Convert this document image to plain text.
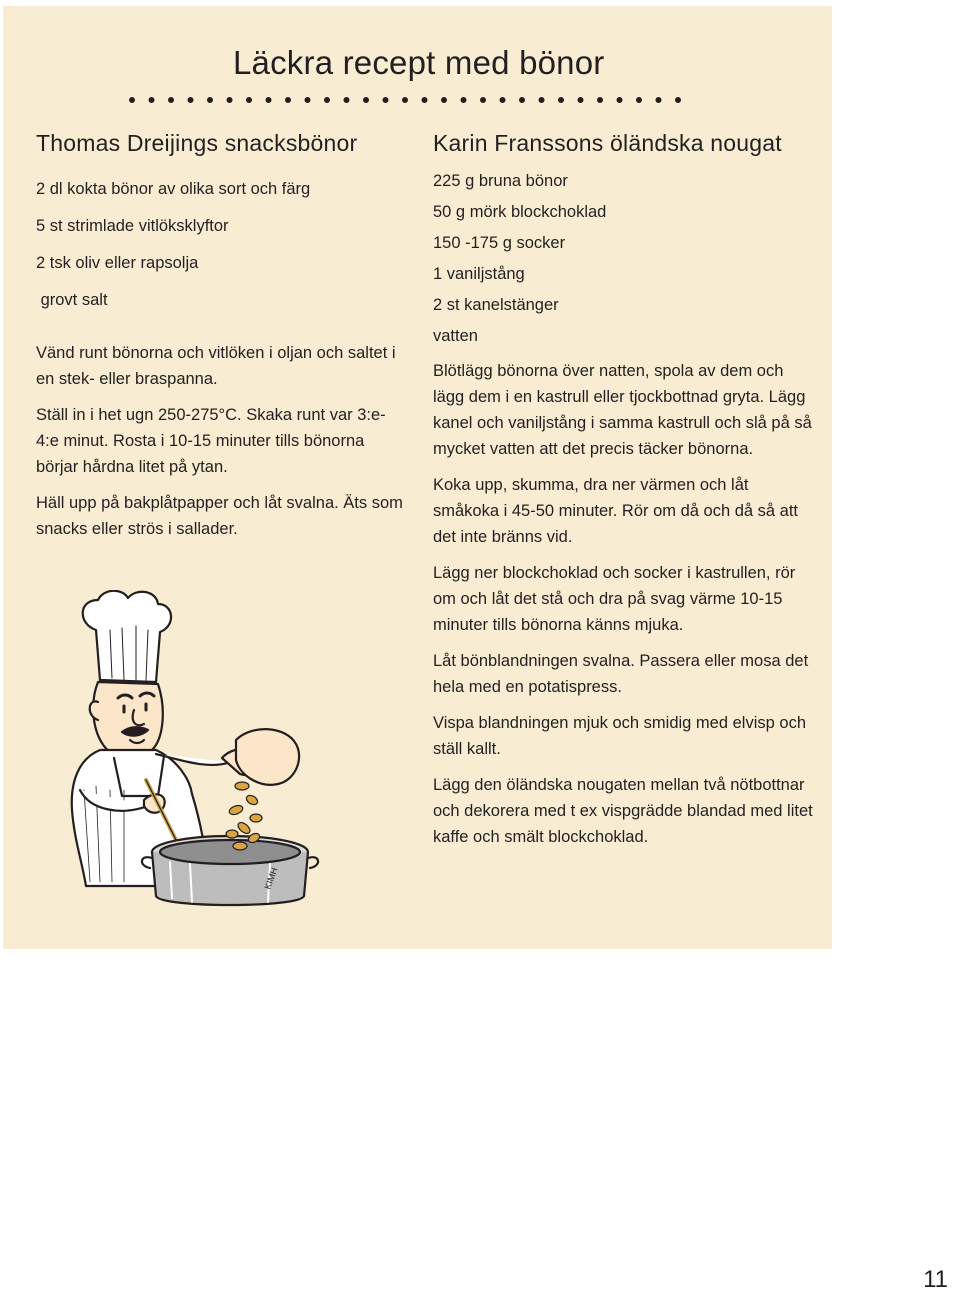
Läckra recept med bönor
Thomas Dreijings snacksbönor
2 dl kokta bönor av olika sort och färg
5 st strimlade vitlöksklyftor
2 tsk oliv eller rapsolja
grovt salt

Vänd runt bönorna och vitlöken i oljan och saltet i en stek- eller braspanna.

Ställ in i het ugn 250-275°C. Skaka runt var 3:e-4:e minut. Rosta i 10-15 minuter tills bönorna börjar hårdna litet på ytan.

Häll upp på bakplåtpapper och låt svalna. Äts som snacks eller strös i sallader.

Karin Franssons öländska nougat
225 g bruna bönor
50 g mörk blockchoklad
150 -175 g socker
1 vaniljstång
2 st kanelstänger
vatten

Blötlägg bönorna över natten, spola av dem och lägg dem i en kastrull eller tjockbottnad gryta. Lägg kanel och vaniljstång i samma kastrull och slå på så mycket vatten att det precis täcker bönorna.

Koka upp, skumma, dra ner värmen och låt småkoka i 45-50 minuter. Rör om då och då så att det inte bränns vid.

Lägg ner blockchoklad och socker i kastrullen, rör om och låt det stå och dra på svag värme 10-15 minuter tills bönorna känns mjuka.

Låt bönblandningen svalna. Passera eller mosa det hela med en potatispress.

Vispa blandningen mjuk och smidig med elvisp och ställ kallt.

Lägg den öländska nougaten mellan två nötbottnar och dekorera med t ex vispgrädde blandad med litet kaffe och smält blockchoklad.

KIMH
11
